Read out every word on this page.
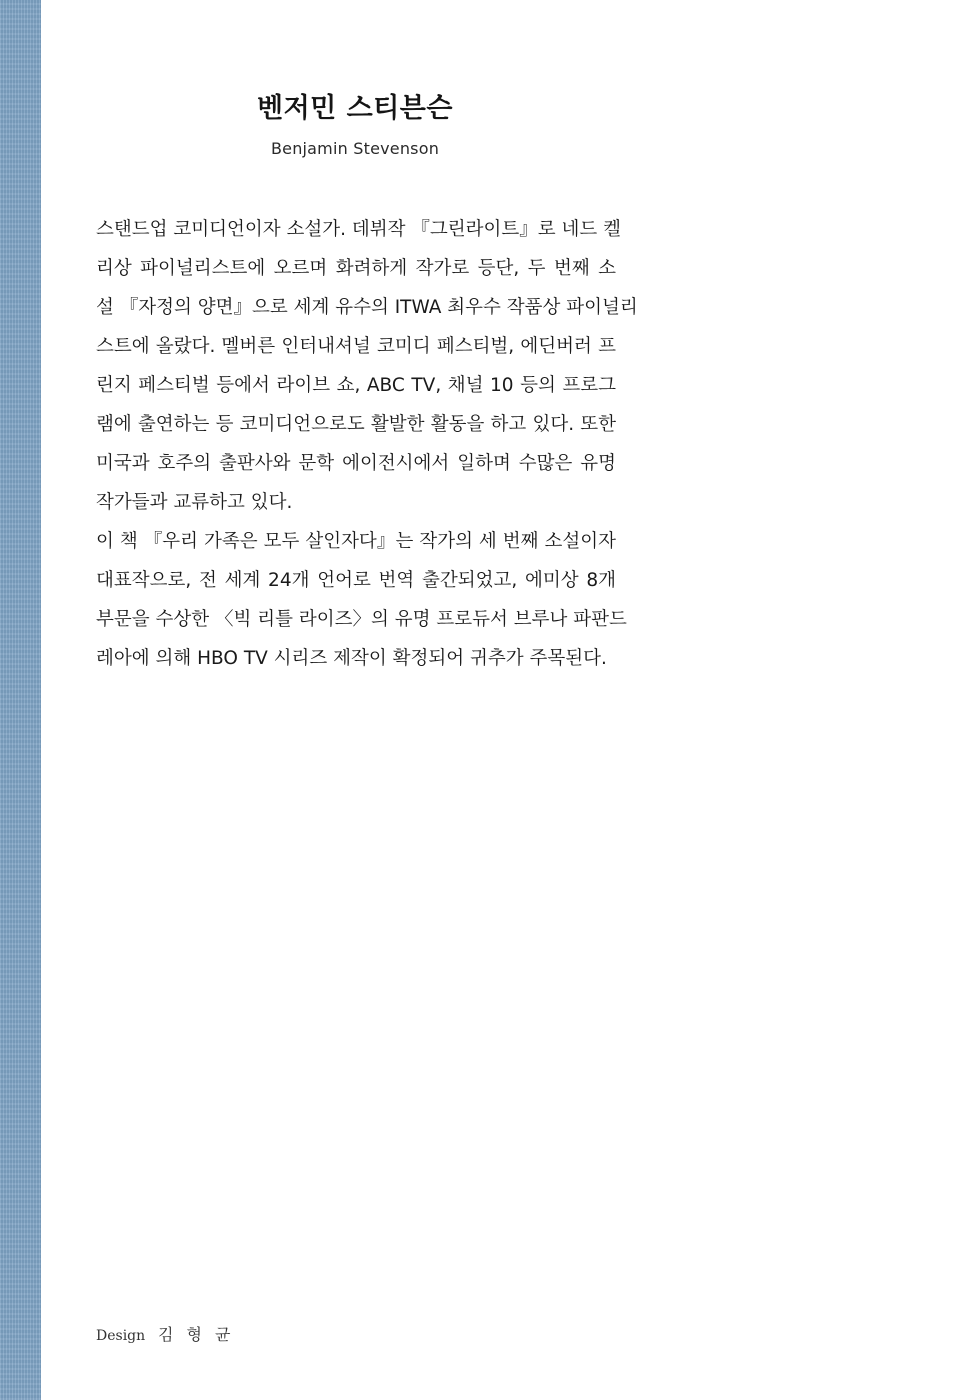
벤저민 스티븐슨
Benjamin Stevenson
스탠드업 코미디언이자 소설가. 데뷔작 『그린라이트』로 네드 켈
리상 파이널리스트에 오르며 화려하게 작가로 등단, 두 번째 소
설 『자정의 양면』으로 세계 유수의 ITWA 최우수 작품상 파이널리
스트에 올랐다. 멜버른 인터내셔널 코미디 페스티벌, 에딘버러 프
린지 페스티벌 등에서 라이브 쇼, ABC TV, 채널 10 등의 프로그
램에 출연하는 등 코미디언으로도 활발한 활동을 하고 있다. 또한
미국과 호주의 출판사와 문학 에이전시에서 일하며 수많은 유명
작가들과 교류하고 있다.
이 책 『우리 가족은 모두 살인자다』는 작가의 세 번째 소설이자
대표작으로, 전 세계 24개 언어로 번역 출간되었고, 에미상 8개
부문을 수상한 〈빅 리틀 라이즈〉의 유명 프로듀서 브루나 파판드
레아에 의해 HBO TV 시리즈 제작이 확정되어 귀추가 주목된다.
Design 김 형 균
